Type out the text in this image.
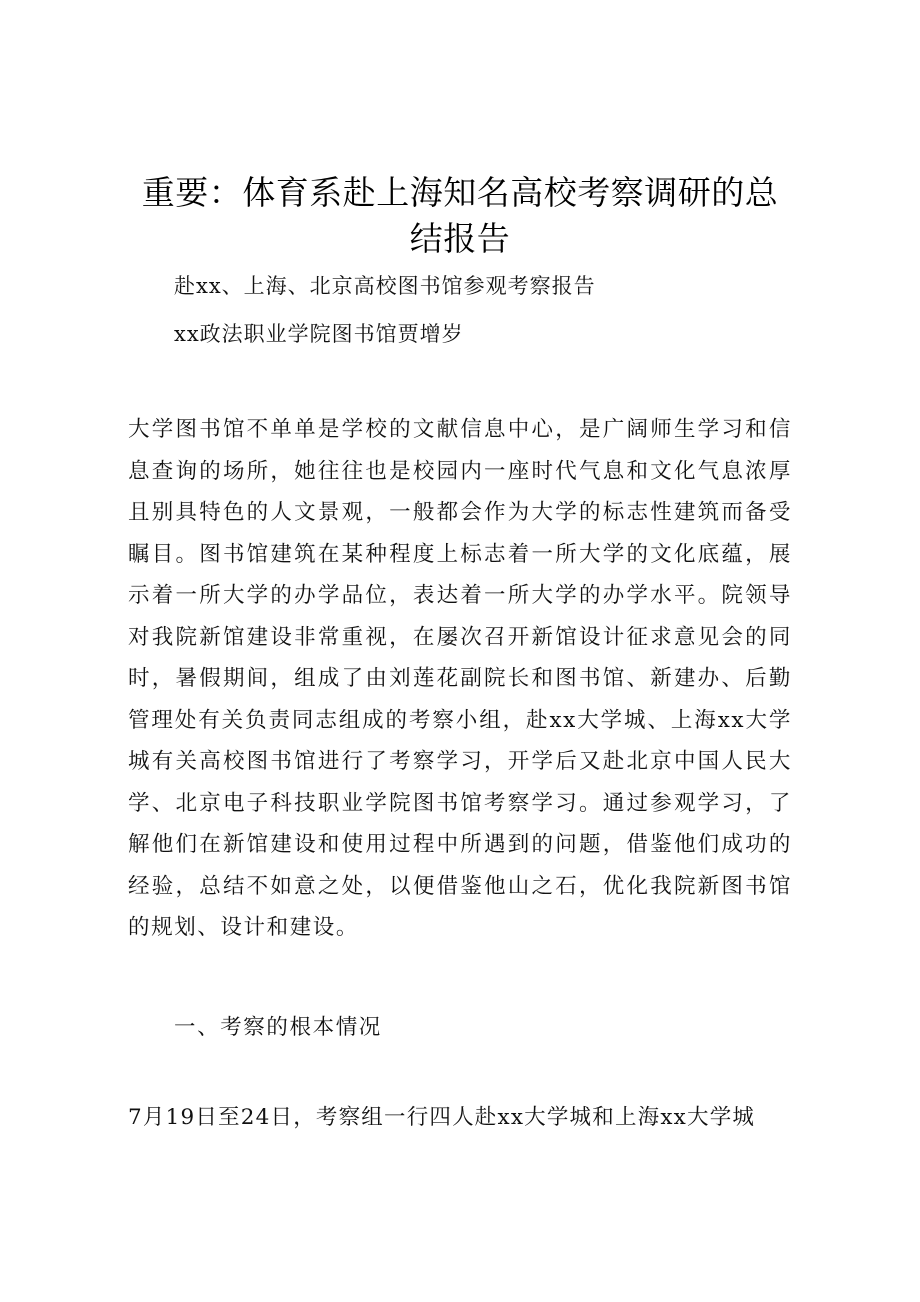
重要：体育系赴上海知名高校考察调研的总结报告
赴xx、上海、北京高校图书馆参观考察报告
xx政法职业学院图书馆贾增岁

大学图书馆不单单是学校的文献信息中心，是广阔师生学习和信息查询的场所，她往往也是校园内一座时代气息和文化气息浓厚且别具特色的人文景观，一般都会作为大学的标志性建筑而备受瞩目。图书馆建筑在某种程度上标志着一所大学的文化底蕴，展示着一所大学的办学品位，表达着一所大学的办学水平。院领导对我院新馆建设非常重视，在屡次召开新馆设计征求意见会的同时，暑假期间，组成了由刘莲花副院长和图书馆、新建办、后勤管理处有关负责同志组成的考察小组，赴xx大学城、上海xx大学城有关高校图书馆进行了考察学习，开学后又赴北京中国人民大学、北京电子科技职业学院图书馆考察学习。通过参观学习，了解他们在新馆建设和使用过程中所遇到的问题，借鉴他们成功的经验，总结不如意之处，以便借鉴他山之石，优化我院新图书馆的规划、设计和建设。

一、考察的根本情况
7月19日至24日，考察组一行四人赴xx大学城和上海xx大学城
